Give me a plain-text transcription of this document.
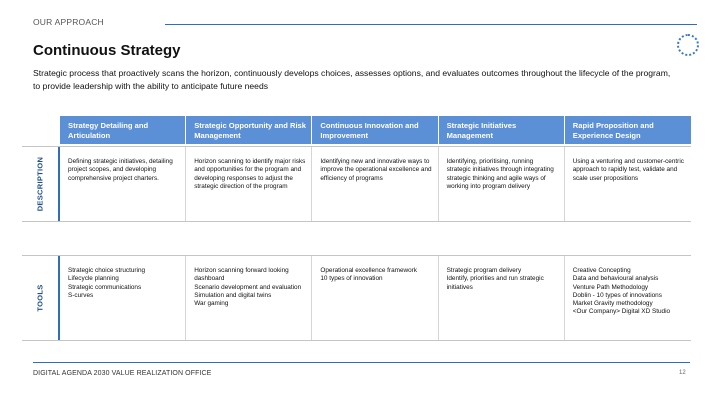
OUR APPROACH
Continuous Strategy
Strategic process that proactively scans the horizon, continuously develops choices, assesses options, and evaluates outcomes throughout the lifecycle of the program, to provide leadership with the ability to anticipate future needs
Strategy Detailing and Articulation
Strategic Opportunity and Risk Management
Continuous Innovation and Improvement
Strategic Initiatives Management
Rapid Proposition and Experience Design
DESCRIPTION	Defining strategic initiatives, detailing project scopes, and developing comprehensive project charters.
Horizon scanning to identify major risks and opportunities for the program and developing responses to adjust the strategic direction of the program
Identifying new and innovative ways to improve the operational excellence and efficiency of programs
Identifying, prioritising, running strategic initiatives through integrating strategic thinking and agile ways of working into program delivery
Using a venturing and customer-centric approach to rapidly test, validate and scale user propositions
TOOLS
Strategic choice structuring
Lifecycle planning
Strategic communications
S-curves
Horizon scanning forward looking dashboard
Scenario development and evaluation
Simulation and digital twins
War gaming
Operational excellence framework
10 types of innovation
Strategic program delivery
Identify, priorities and run strategic initiatives
Creative Concepting
Data and behavioural analysis
Venture Path Methodology
Doblin - 10 types of innovations
Market Gravity methodology
<Our Company> Digital XD Studio
DIGITAL AGENDA 2030 VALUE REALIZATION OFFICE	12
